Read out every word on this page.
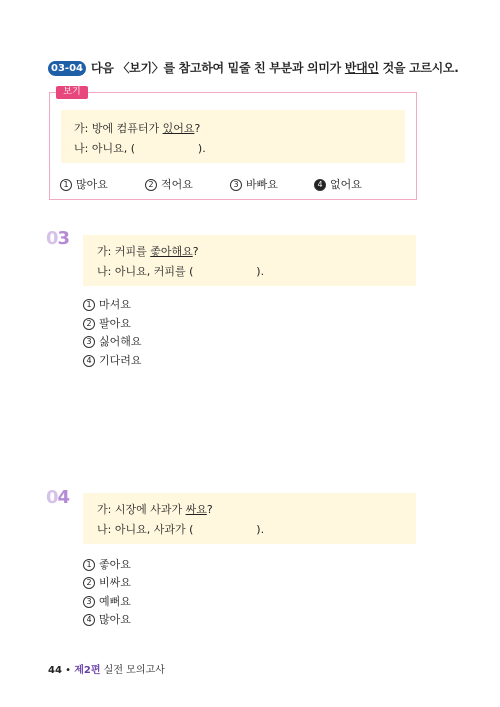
03-04 다음 〈보기〉를 참고하여 밑줄 친 부분과 의미가 반대인 것을 고르시오.
보기
가: 방에 컴퓨터가 있어요?
나: 아니요, (                  ).
1 많아요	2 적어요	3 바빠요	4 없어요
03
가: 커피를 좋아해요?
나: 아니요, 커피를 (                  ).
1 마셔요
2 팔아요
3 싫어해요
4 기다려요
04
가: 시장에 사과가 싸요?
나: 아니요, 사과가 (                  ).
1 좋아요
2 비싸요
3 예뻐요
4 많아요
44 • 제2편 실전 모의고사
